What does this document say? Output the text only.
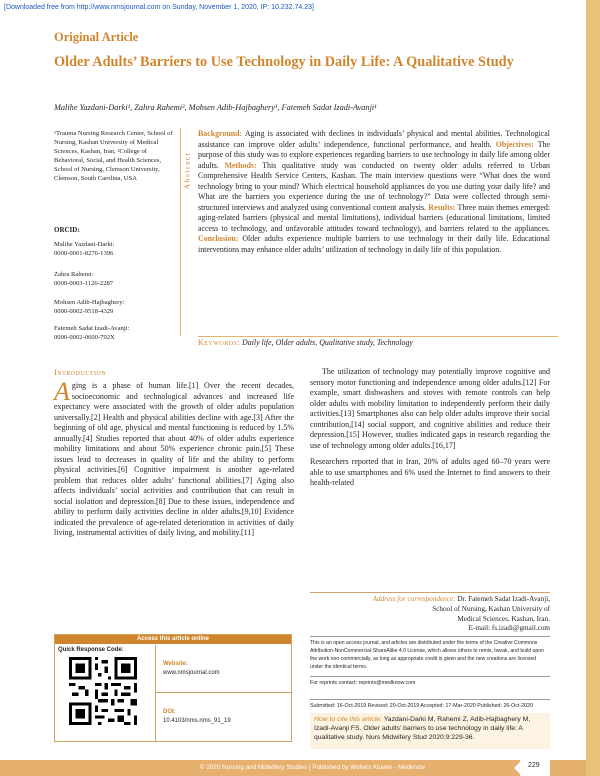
[Downloaded free from http://www.nmsjournal.com on Sunday, November 1, 2020, IP: 10.232.74.23]
Original Article
Older Adults’ Barriers to Use Technology in Daily Life: A Qualitative Study
Malihe Yazdani-Darki¹, Zahra Rahemi², Mohsen Adib-Hajbaghery¹, Fatemeh Sadat Izadi-Avanji¹
¹Trauma Nursing Research Center, School of Nursing, Kashan University of Medical Sciences, Kashan, Iran, ²College of Behavioral, Social, and Health Sciences, School of Nursing, Clemson University, Clemson, South Carolina, USA
ORCID:
Malihe Yazdani-Darki:
0000-0001-8276-1396
Zahra Rahemi:
0000-0003-1126-2287
Mohsen Adib-Hajbaghery:
0000-0002-9518-4329
Fatemeh Sadat Izadi-Avanji:
0000-0002-0600-792X
Abstract
Background: Aging is associated with declines in individuals’ physical and mental abilities. Technological assistance can improve older adults’ independence, functional performance, and health. Objectives: The purpose of this study was to explore experiences regarding barriers to use technology in daily life among older adults. Methods: This qualitative study was conducted on twenty older adults referred to Urban Comprehensive Health Service Centers, Kashan. The main interview questions were “What does the word technology bring to your mind? Which electrical household appliances do you use during your daily life? and What are the barriers you experience during the use of technology?” Data were collected through semi-structured interviews and analyzed using conventional content analysis. Results: Three main themes emerged: aging-related barriers (physical and mental limitations), individual barriers (educational limitations, limited access to technology, and unfavorable attitudes toward technology), and barriers related to the appliances. Conclusion: Older adults experience multiple barriers to use technology in their daily life. Educational interventions may enhance older adults’ utilization of technology in daily life of this population.
Keywords: Daily life, Older adults, Qualitative study, Technology
Introduction
A ging is a phase of human life.[1] Over the recent decades, socioeconomic and technological advances and increased life expectancy were associated with the growth of older adults population universally.[2] Health and physical abilities decline with age.[3] After the beginning of old age, physical and mental functioning is reduced by 1.5% annually.[4] Studies reported that about 40% of older adults experience mobility limitations and about 50% experience chronic pain.[5] These issues lead to decreases in quality of life and the ability to perform physical activities.[6] Cognitive impairment is another age-related problem that reduces older adults’ functional abilities.[7] Aging also affects individuals’ social activities and contribution that can result in social isolation and depression.[8] Due to these issues, independence and ability to perform daily activities decline in older adults.[9,10] Evidence indicated the prevalence of age-related deterioration in activities of daily living, instrumental activities of daily living, and mobility.[11]
The utilization of technology may potentially improve cognitive and sensory motor functioning and independence among older adults.[12] For example, smart dishwashers and stoves with remote controls can help older adults with mobility limitation to independently perform their daily activities.[13] Smartphones also can help older adults improve their social contribution,[14] social support, and cognitive abilities and reduce their depression.[15] However, studies indicated gaps in research regarding the use of technology among older adults.[16,17]
Researchers reported that in Iran, 20% of adults aged 60–70 years were able to use smartphones and 6% used the Internet to find answers to their health-related
Address for correspondence: Dr. Fatemeh Sadat Izadi-Avanji,
School of Nursing, Kashan University of
Medical Sciences, Kashan, Iran.
E-mail: fs.izadi@gmail.com
This is an open access journal, and articles are distributed under the terms of the Creative Commons Attribution-NonCommercial-ShareAlike 4.0 License, which allows others to remix, tweak, and build upon the work non-commercially, as long as appropriate credit is given and the new creations are licensed under the identical terms.
For reprints contact: reprints@medknow.com
Submitted: 16-Oct-2019 Revised: 20-Oct-2019 Accepted: 17-Mar-2020 Published: 26-Oct-2020
How to cite this article: Yazdani-Darki M, Rahemi Z, Adib-Hajbaghery M, Izadi-Avanji FS. Older adults’ barriers to use technology in daily life: A qualitative study. Nurs Midwifery Stud 2020;9:229-36.
Access this article online
Quick Response Code:
Website:
www.nmsjournal.com
DOI:
10.4103/nms.nms_91_19
© 2020 Nursing and Midwifery Studies | Published by Wolters Kluwer - Medknow	229
